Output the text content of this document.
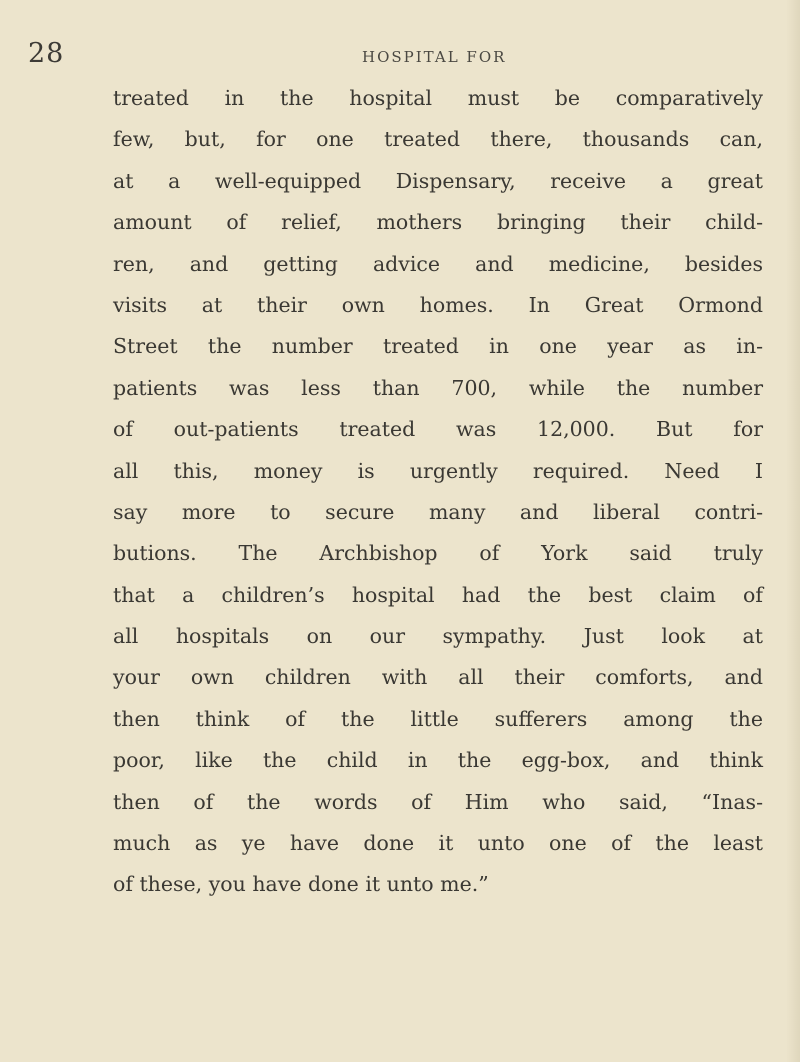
28	HOSPITAL FOR
treated in the hospital must be comparatively
few, but, for one treated there, thousands can,
at a well-equipped Dispensary, receive a great
amount of relief, mothers bringing their child-
ren, and getting advice and medicine, besides
visits at their own homes. In Great Ormond
Street the number treated in one year as in-
patients was less than 700, while the number
of out-patients treated was 12,000. But for
all this, money is urgently required. Need I
say more to secure many and liberal contri-
butions. The Archbishop of York said truly
that a children’s hospital had the best claim of
all hospitals on our sympathy. Just look at
your own children with all their comforts, and
then think of the little sufferers among the
poor, like the child in the egg-box, and think
then of the words of Him who said, “Inas-
much as ye have done it unto one of the least
of these, you have done it unto me.”
